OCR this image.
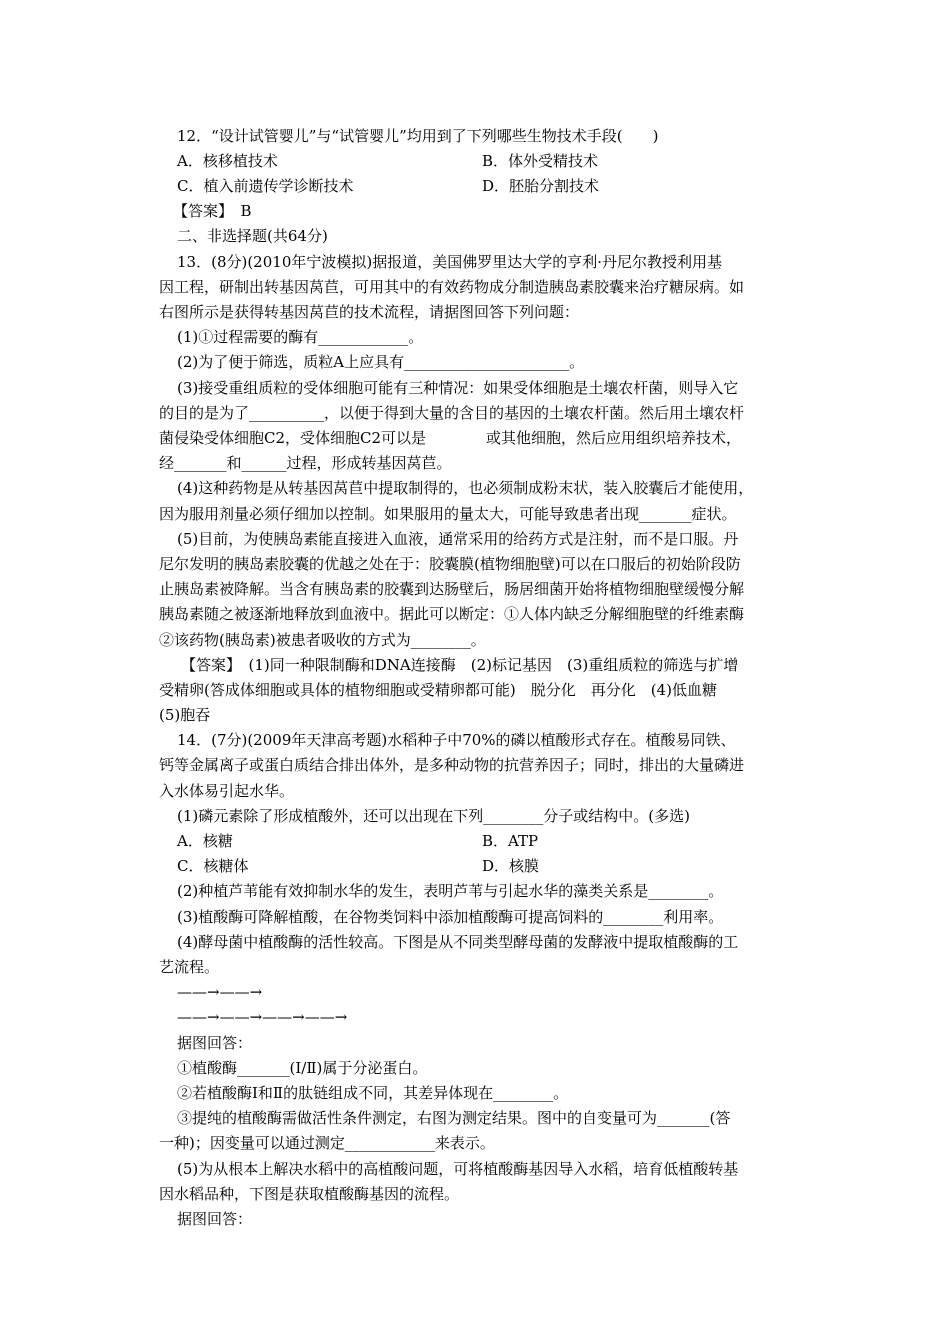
12．“设计试管婴儿”与“试管婴儿”均用到了下列哪些生物技术手段(　　)
A．核移植技术	B．体外受精技术
C．植入前遗传学诊断技术	D．胚胎分割技术
【答案】　B
二、非选择题(共64分)
13．(8分)(2010年宁波模拟)据报道，美国佛罗里达大学的亨利·丹尼尔教授利用基
因工程，研制出转基因莴苣，可用其中的有效药物成分制造胰岛素胶囊来治疗糖尿病。如
右图所示是获得转基因莴苣的技术流程，请据图回答下列问题：
(1)①过程需要的酶有____________。
(2)为了便于筛选，质粒A上应具有______________________。
(3)接受重组质粒的受体细胞可能有三种情况：如果受体细胞是土壤农杆菌，则导入它
的目的是为了__________，以便于得到大量的含目的基因的土壤农杆菌。然后用土壤农杆
菌侵染受体细胞C2，受体细胞C2可以是　　　　或其他细胞，然后应用组织培养技术，
经_______和______过程，形成转基因莴苣。
(4)这种药物是从转基因莴苣中提取制得的，也必须制成粉末状，装入胶囊后才能使用，
因为服用剂量必须仔细加以控制。如果服用的量太大，可能导致患者出现_______症状。
(5)目前，为使胰岛素能直接进入血液，通常采用的给药方式是注射，而不是口服。丹
尼尔发明的胰岛素胶囊的优越之处在于：胶囊膜(植物细胞壁)可以在口服后的初始阶段防
止胰岛素被降解。当含有胰岛素的胶囊到达肠壁后，肠居细菌开始将植物细胞壁缓慢分解
胰岛素随之被逐渐地释放到血液中。据此可以断定：①人体内缺乏分解细胞壁的纤维素酶
②该药物(胰岛素)被患者吸收的方式为________。
【答案】　(1)同一种限制酶和DNA连接酶　(2)标记基因　(3)重组质粒的筛选与扩增
受精卵(答成体细胞或具体的植物细胞或受精卵都可能)　脱分化　再分化　(4)低血糖
(5)胞吞
14．(7分)(2009年天津高考题)水稻种子中70%的磷以植酸形式存在。植酸易同铁、
钙等金属离子或蛋白质结合排出体外，是多种动物的抗营养因子；同时，排出的大量磷进
入水体易引起水华。
(1)磷元素除了形成植酸外，还可以出现在下列________分子或结构中。(多选)
A．核糖	B．ATP
C．核糖体	D．核膜
(2)种植芦苇能有效抑制水华的发生，表明芦苇与引起水华的藻类关系是________。
(3)植酸酶可降解植酸，在谷物类饲料中添加植酸酶可提高饲料的________利用率。
(4)酵母菌中植酸酶的活性较高。下图是从不同类型酵母菌的发酵液中提取植酸酶的工
艺流程。
——→——→
——→——→——→——→
据图回答：
①植酸酶_______(Ⅰ/Ⅱ)属于分泌蛋白。
②若植酸酶Ⅰ和Ⅱ的肽链组成不同，其差异体现在________。
③提纯的植酸酶需做活性条件测定，右图为测定结果。图中的自变量可为_______(答
一种)；因变量可以通过测定____________来表示。
(5)为从根本上解决水稻中的高植酸问题，可将植酸酶基因导入水稻，培育低植酸转基
因水稻品种，下图是获取植酸酶基因的流程。
据图回答：
